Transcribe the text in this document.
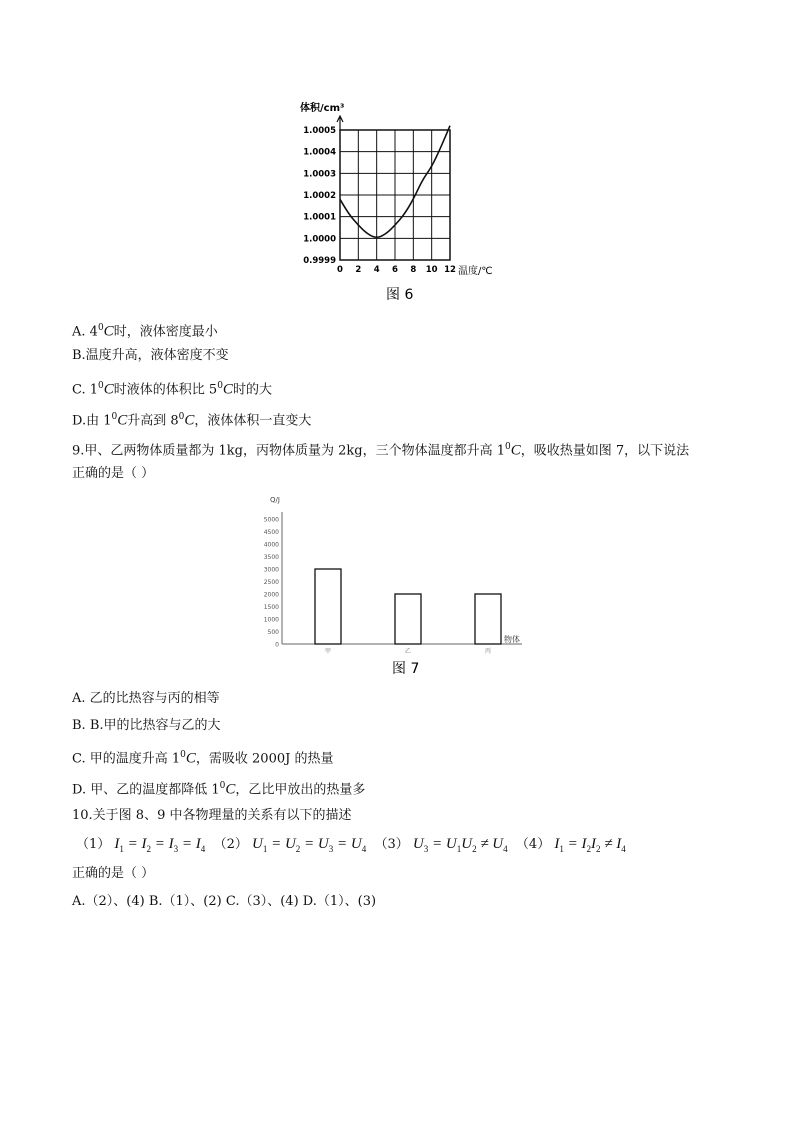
体积/cm³
0.9999
1.0000
1.0001
1.0002
1.0003
1.0004
1.0005
0 2 4 6 8 10 12 温度/℃
图 6
A. $4^0C$时，液体密度最小
B.温度升高，液体密度不变
C. $1^0C$时液体的体积比 $5^0C$时的大
D.由 $1^0C$升高到 $8^0C$，液体体积一直变大
9.甲、乙两物体质量都为 1kg，丙物体质量为 2kg，三个物体温度都升高 $1^0C$，吸收热量如图 7，以下说法
正确的是（ ）
Q/J
0
500
1000
1500
2000
2500
3000
3500
4000
4500
5000
甲	乙	丙
物体
图 7
A. 乙的比热容与丙的相等
B. B.甲的比热容与乙的大
C. 甲的温度升高 $1^0C$，需吸收 2000J 的热量
D. 甲、乙的温度都降低 $1^0C$，乙比甲放出的热量多
10.关于图 8、9 中各物理量的关系有以下的描述
（1） $I_1 = I_2 = I_3 = I_4$ （2） $U_1 = U_2 = U_3 = U_4$ （3） $U_3 = U_1U_2 \ne U_4$ （4） $I_1 = I_2I_2 \ne I_4$
正确的是（ ）
A.（2）、(4) B.（1）、(2) C.（3）、(4) D.（1）、(3)
